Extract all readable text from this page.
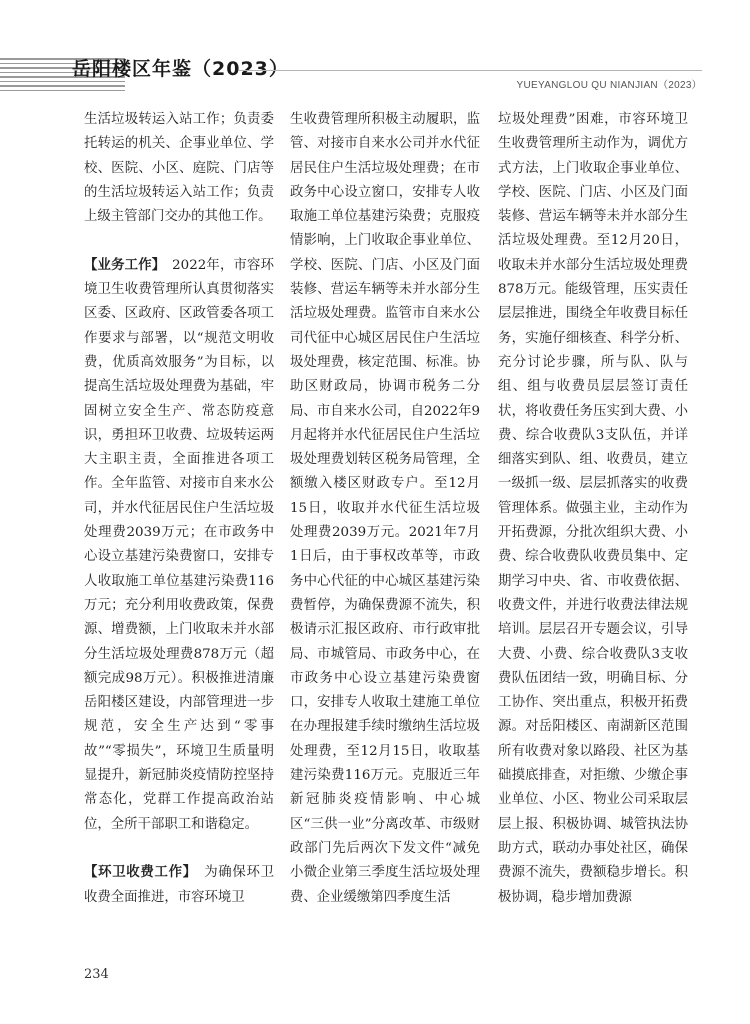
岳阳楼区年鉴（2023）
YUEYANGLOU QU NIANJIAN（2023）

生活垃圾转运入站工作；负责委托转运的机关、企事业单位、学校、医院、小区、庭院、门店等的生活垃圾转运入站工作；负责上级主管部门交办的其他工作。

【业务工作】　2022年，市容环境卫生收费管理所认真贯彻落实区委、区政府、区政管委各项工作要求与部署，以“规范文明收费，优质高效服务”为目标，以提高生活垃圾处理费为基础，牢固树立安全生产、常态防疫意识，勇担环卫收费、垃圾转运两大主职主责，全面推进各项工作。全年监管、对接市自来水公司，并水代征居民住户生活垃圾处理费2039万元；在市政务中心设立基建污染费窗口，安排专人收取施工单位基建污染费116万元；充分利用收费政策，保费源、增费额，上门收取未并水部分生活垃圾处理费878万元（超额完成98万元）。积极推进清廉岳阳楼区建设，内部管理进一步规范，安全生产达到“零事故”“零损失”，环境卫生质量明显提升，新冠肺炎疫情防控坚持常态化，党群工作提高政治站位，全所干部职工和谐稳定。

【环卫收费工作】　为确保环卫收费全面推进，市容环境卫

生收费管理所积极主动履职，监管、对接市自来水公司并水代征居民住户生活垃圾处理费；在市政务中心设立窗口，安排专人收取施工单位基建污染费；克服疫情影响，上门收取企事业单位、学校、医院、门店、小区及门面装修、营运车辆等未并水部分生活垃圾处理费。监管市自来水公司代征中心城区居民住户生活垃圾处理费，核定范围、标准。协助区财政局，协调市税务二分局、市自来水公司，自2022年9月起将并水代征居民住户生活垃圾处理费划转区税务局管理，全额缴入楼区财政专户。至12月15日，收取并水代征生活垃圾处理费2039万元。2021年7月1日后，由于事权改革等，市政务中心代征的中心城区基建污染费暂停，为确保费源不流失，积极请示汇报区政府、市行政审批局、市城管局、市政务中心，在市政务中心设立基建污染费窗口，安排专人收取土建施工单位在办理报建手续时缴纳生活垃圾处理费，至12月15日，收取基建污染费116万元。克服近三年新冠肺炎疫情影响、中心城区“三供一业”分离改革、市级财政部门先后两次下发文件“减免小微企业第三季度生活垃圾处理费、企业缓缴第四季度生活

垃圾处理费”困难，市容环境卫生收费管理所主动作为，调优方式方法，上门收取企事业单位、学校、医院、门店、小区及门面装修、营运车辆等未并水部分生活垃圾处理费。至12月20日，收取未并水部分生活垃圾处理费878万元。能级管理，压实责任层层推进，围绕全年收费目标任务，实施仔细核查、科学分析、充分讨论步骤，所与队、队与组、组与收费员层层签订责任状，将收费任务压实到大费、小费、综合收费队3支队伍，并详细落实到队、组、收费员，建立一级抓一级、层层抓落实的收费管理体系。做强主业，主动作为开拓费源，分批次组织大费、小费、综合收费队收费员集中、定期学习中央、省、市收费依据、收费文件，并进行收费法律法规培训。层层召开专题会议，引导大费、小费、综合收费队3支收费队伍团结一致，明确目标、分工协作、突出重点，积极开拓费源。对岳阳楼区、南湖新区范围所有收费对象以路段、社区为基础摸底排查，对拒缴、少缴企事业单位、小区、物业公司采取层层上报、积极协调、城管执法协助方式，联动办事处社区，确保费源不流失，费额稳步增长。积极协调，稳步增加费源

234
